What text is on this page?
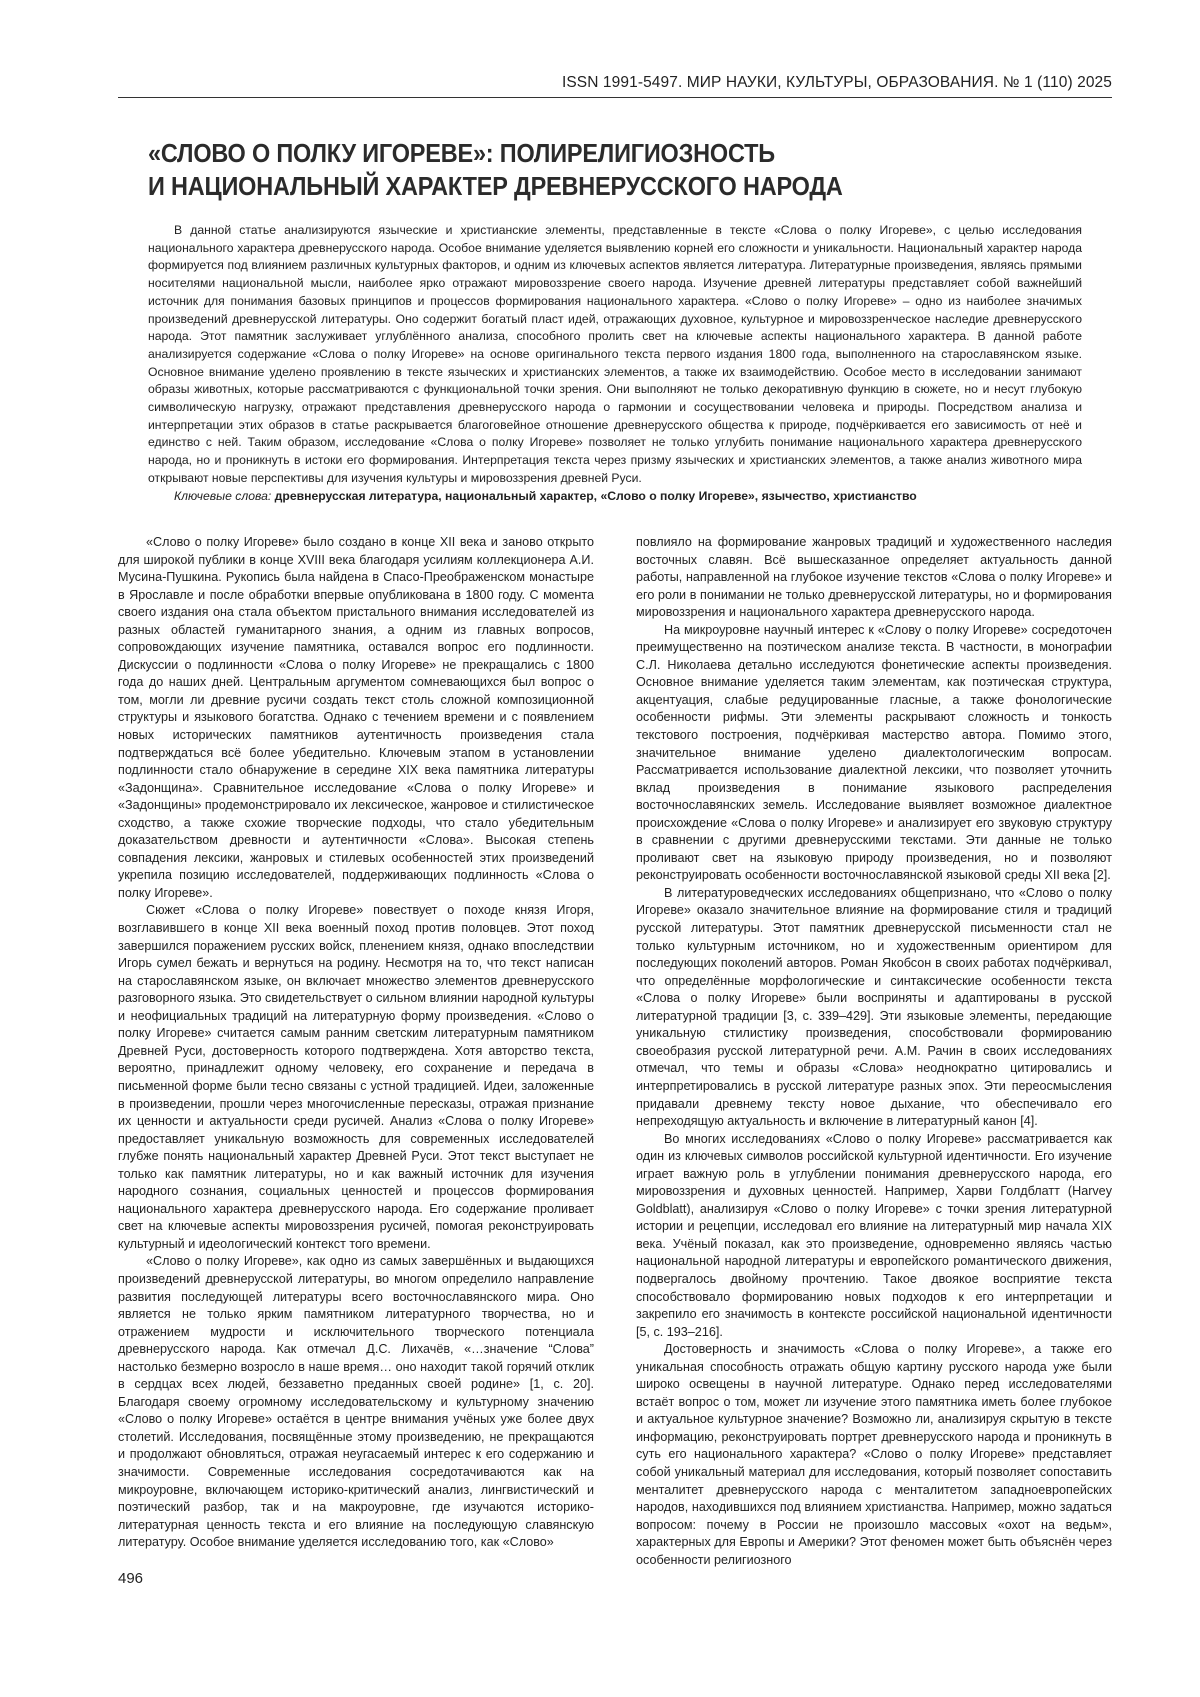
ISSN 1991-5497. МИР НАУКИ, КУЛЬТУРЫ, ОБРАЗОВАНИЯ. № 1 (110) 2025
«СЛОВО О ПОЛКУ ИГОРЕВЕ»: ПОЛИРЕЛИГИОЗНОСТЬ
И НАЦИОНАЛЬНЫЙ ХАРАКТЕР ДРЕВНЕРУССКОГО НАРОДА

В данной статье анализируются языческие и христианские элементы, представленные в тексте «Слова о полку Игореве», с целью исследования национального характера древнерусского народа. Особое внимание уделяется выявлению корней его сложности и уникальности. Национальный характер народа формируется под влиянием различных культурных факторов, и одним из ключевых аспектов является литература. Литературные произведения, являясь прямыми носителями национальной мысли, наиболее ярко отражают мировоззрение своего народа. Изучение древней литературы представляет собой важнейший источник для понимания базовых принципов и процессов формирования национального характера. «Слово о полку Игореве» – одно из наиболее значимых произведений древнерусской литературы. Оно содержит богатый пласт идей, отражающих духовное, культурное и мировоззренческое наследие древнерусского народа. Этот памятник заслуживает углублённого анализа, способного пролить свет на ключевые аспекты национального характера. В данной работе анализируется содержание «Слова о полку Игореве» на основе оригинального текста первого издания 1800 года, выполненного на старославянском языке. Основное внимание уделено проявлению в тексте языческих и христианских элементов, а также их взаимодействию. Особое место в исследовании занимают образы животных, которые рассматриваются с функциональной точки зрения. Они выполняют не только декоративную функцию в сюжете, но и несут глубокую символическую нагрузку, отражают представления древнерусского народа о гармонии и сосуществовании человека и природы. Посредством анализа и интерпретации этих образов в статье раскрывается благоговейное отношение древнерусского общества к природе, подчёркивается его зависимость от неё и единство с ней. Таким образом, исследование «Слова о полку Игореве» позволяет не только углубить понимание национального характера древнерусского народа, но и проникнуть в истоки его формирования. Интерпретация текста через призму языческих и христианских элементов, а также анализ животного мира открывают новые перспективы для изучения культуры и мировоззрения древней Руси.

Ключевые слова: древнерусская литература, национальный характер, «Слово о полку Игореве», язычество, христианство

«Слово о полку Игореве» было создано в конце XII века и заново открыто для широкой публики в конце XVIII века благодаря усилиям коллекционера А.И. Мусина-Пушкина. Рукопись была найдена в Спасо-Преображенском монастыре в Ярославле и после обработки впервые опубликована в 1800 году. С момента своего издания она стала объектом пристального внимания исследователей из разных областей гуманитарного знания, а одним из главных вопросов, сопровождающих изучение памятника, оставался вопрос его подлинности. Дискуссии о подлинности «Слова о полку Игореве» не прекращались с 1800 года до наших дней. Центральным аргументом сомневающихся был вопрос о том, могли ли древние русичи создать текст столь сложной композиционной структуры и языкового богатства. Однако с течением времени и с появлением новых исторических памятников аутентичность произведения стала подтверждаться всё более убедительно. Ключевым этапом в установлении подлинности стало обнаружение в середине XIX века памятника литературы «Задонщина». Сравнительное исследование «Слова о полку Игореве» и «Задонщины» продемонстрировало их лексическое, жанровое и стилистическое сходство, а также схожие творческие подходы, что стало убедительным доказательством древности и аутентичности «Слова». Высокая степень совпадения лексики, жанровых и стилевых особенностей этих произведений укрепила позицию исследователей, поддерживающих подлинность «Слова о полку Игореве».

Сюжет «Слова о полку Игореве» повествует о походе князя Игоря, возглавившего в конце XII века военный поход против половцев. Этот поход завершился поражением русских войск, пленением князя, однако впоследствии Игорь сумел бежать и вернуться на родину. Несмотря на то, что текст написан на старославянском языке, он включает множество элементов древнерусского разговорного языка. Это свидетельствует о сильном влиянии народной культуры и неофициальных традиций на литературную форму произведения. «Слово о полку Игореве» считается самым ранним светским литературным памятником Древней Руси, достоверность которого подтверждена. Хотя авторство текста, вероятно, принадлежит одному человеку, его сохранение и передача в письменной форме были тесно связаны с устной традицией. Идеи, заложенные в произведении, прошли через многочисленные пересказы, отражая признание их ценности и актуальности среди русичей. Анализ «Слова о полку Игореве» предоставляет уникальную возможность для современных исследователей глубже понять национальный характер Древней Руси. Этот текст выступает не только как памятник литературы, но и как важный источник для изучения народного сознания, социальных ценностей и процессов формирования национального характера древнерусского народа. Его содержание проливает свет на ключевые аспекты мировоззрения русичей, помогая реконструировать культурный и идеологический контекст того времени.

«Слово о полку Игореве», как одно из самых завершённых и выдающихся произведений древнерусской литературы, во многом определило направление развития последующей литературы всего восточнославянского мира. Оно является не только ярким памятником литературного творчества, но и отражением мудрости и исключительного творческого потенциала древнерусского народа. Как отмечал Д.С. Лихачёв, «…значение “Слова” настолько безмерно возросло в наше время… оно находит такой горячий отклик в сердцах всех людей, беззаветно преданных своей родине» [1, с. 20]. Благодаря своему огромному исследовательскому и культурному значению «Слово о полку Игореве» остаётся в центре внимания учёных уже более двух столетий. Исследования, посвящённые этому произведению, не прекращаются и продолжают обновляться, отражая неугасаемый интерес к его содержанию и значимости. Современные исследования сосредотачиваются как на микроуровне, включающем историко-критический анализ, лингвистический и поэтический разбор, так и на макроуровне, где изучаются историко-литературная ценность текста и его влияние на последующую славянскую литературу. Особое внимание уделяется исследованию того, как «Слово»

повлияло на формирование жанровых традиций и художественного наследия восточных славян. Всё вышесказанное определяет актуальность данной работы, направленной на глубокое изучение текстов «Слова о полку Игореве» и его роли в понимании не только древнерусской литературы, но и формирования мировоззрения и национального характера древнерусского народа.

На микроуровне научный интерес к «Слову о полку Игореве» сосредоточен преимущественно на поэтическом анализе текста. В частности, в монографии С.Л. Николаева детально исследуются фонетические аспекты произведения. Основное внимание уделяется таким элементам, как поэтическая структура, акцентуация, слабые редуцированные гласные, а также фонологические особенности рифмы. Эти элементы раскрывают сложность и тонкость текстового построения, подчёркивая мастерство автора. Помимо этого, значительное внимание уделено диалектологическим вопросам. Рассматривается использование диалектной лексики, что позволяет уточнить вклад произведения в понимание языкового распределения восточнославянских земель. Исследование выявляет возможное диалектное происхождение «Слова о полку Игореве» и анализирует его звуковую структуру в сравнении с другими древнерусскими текстами. Эти данные не только проливают свет на языковую природу произведения, но и позволяют реконструировать особенности восточнославянской языковой среды XII века [2].

В литературоведческих исследованиях общепризнано, что «Слово о полку Игореве» оказало значительное влияние на формирование стиля и традиций русской литературы. Этот памятник древнерусской письменности стал не только культурным источником, но и художественным ориентиром для последующих поколений авторов. Роман Якобсон в своих работах подчёркивал, что определённые морфологические и синтаксические особенности текста «Слова о полку Игореве» были восприняты и адаптированы в русской литературной традиции [3, с. 339–429]. Эти языковые элементы, передающие уникальную стилистику произведения, способствовали формированию своеобразия русской литературной речи. А.М. Рачин в своих исследованиях отмечал, что темы и образы «Слова» неоднократно цитировались и интерпретировались в русской литературе разных эпох. Эти переосмысления придавали древнему тексту новое дыхание, что обеспечивало его непреходящую актуальность и включение в литературный канон [4].

Во многих исследованиях «Слово о полку Игореве» рассматривается как один из ключевых символов российской культурной идентичности. Его изучение играет важную роль в углублении понимания древнерусского народа, его мировоззрения и духовных ценностей. Например, Харви Голдблатт (Harvey Goldblatt), анализируя «Слово о полку Игореве» с точки зрения литературной истории и рецепции, исследовал его влияние на литературный мир начала XIX века. Учёный показал, как это произведение, одновременно являясь частью национальной народной литературы и европейского романтического движения, подвергалось двойному прочтению. Такое двоякое восприятие текста способствовало формированию новых подходов к его интерпретации и закрепило его значимость в контексте российской национальной идентичности [5, с. 193–216].

Достоверность и значимость «Слова о полку Игореве», а также его уникальная способность отражать общую картину русского народа уже были широко освещены в научной литературе. Однако перед исследователями встаёт вопрос о том, может ли изучение этого памятника иметь более глубокое и актуальное культурное значение? Возможно ли, анализируя скрытую в тексте информацию, реконструировать портрет древнерусского народа и проникнуть в суть его национального характера? «Слово о полку Игореве» представляет собой уникальный материал для исследования, который позволяет сопоставить менталитет древнерусского народа с менталитетом западноевропейских народов, находившихся под влиянием христианства. Например, можно задаться вопросом: почему в России не произошло массовых «охот на ведьм», характерных для Европы и Америки? Этот феномен может быть объяснён через особенности религиозного

496
